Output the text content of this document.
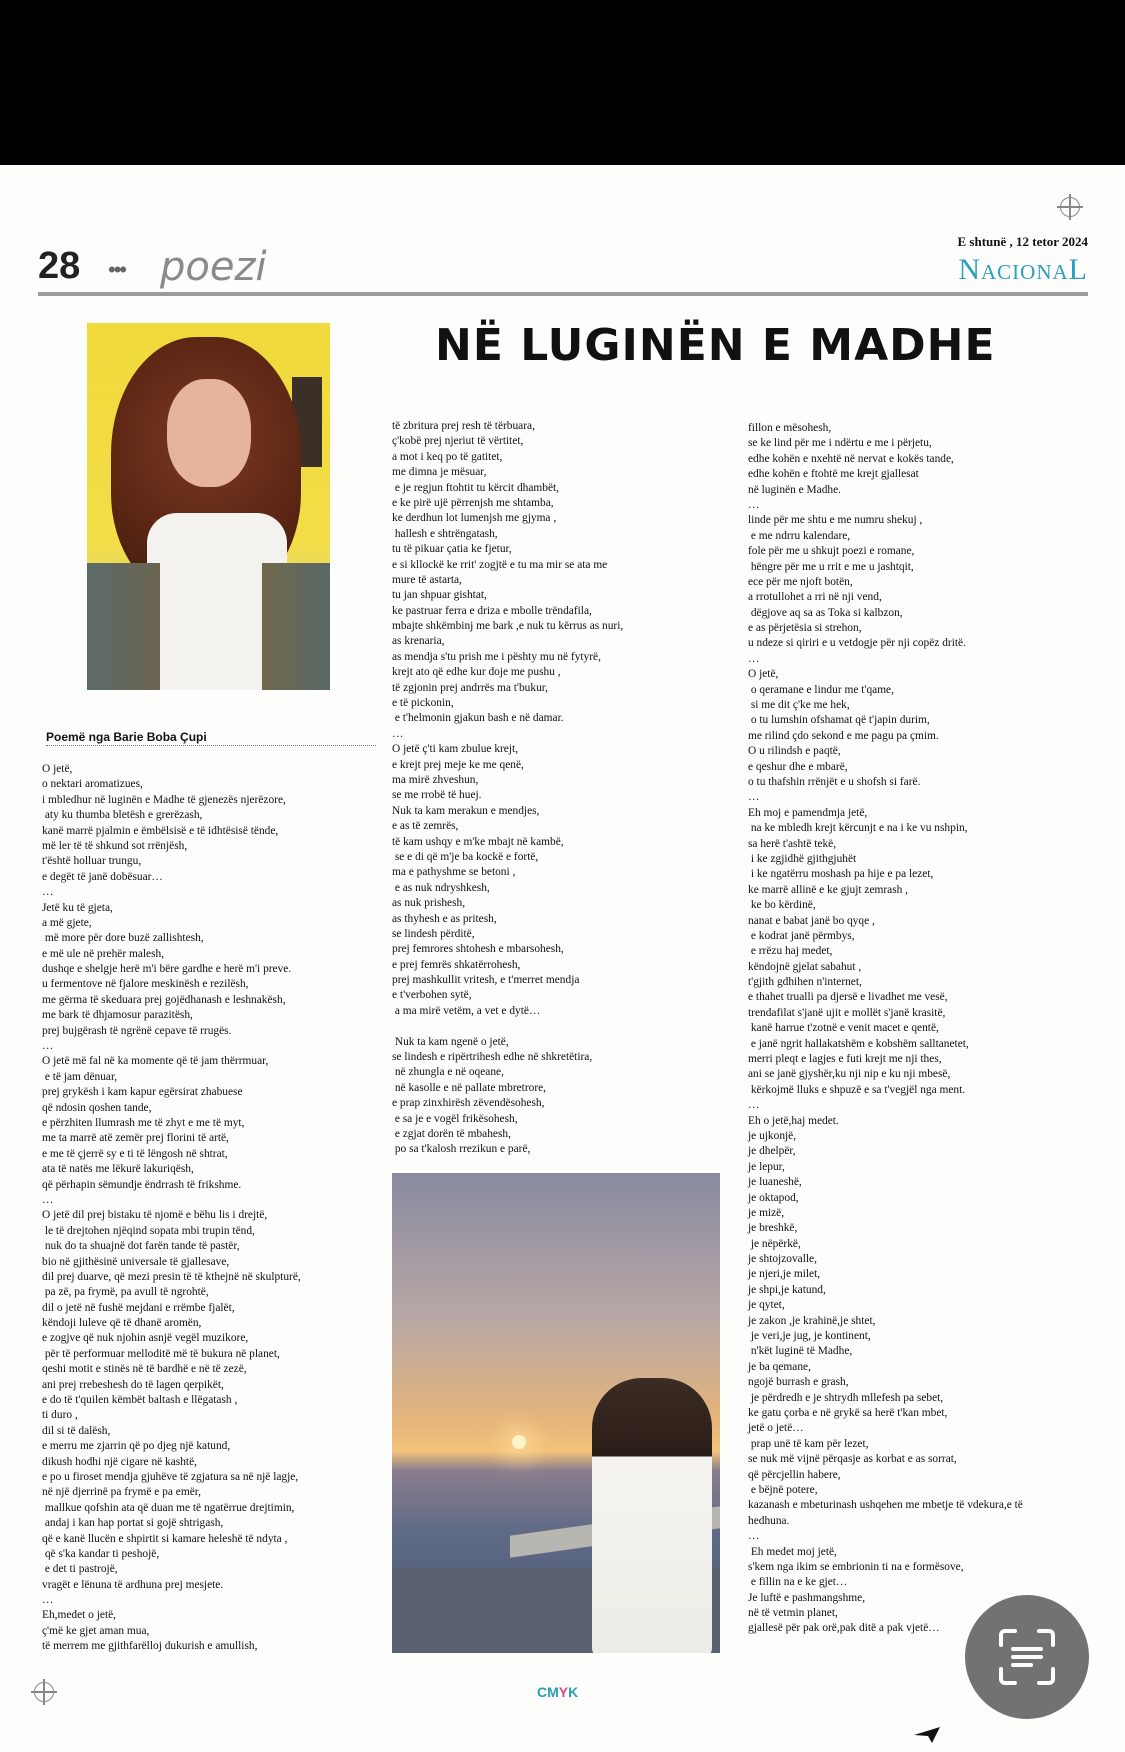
28 ••• poezi
E shtunë , 12 tetor 2024
NacionaL
NË LUGINËN E MADHE
Poemë nga Barie Boba Çupi
O jetë,
o nektari aromatizues,
i mbledhur në luginën e Madhe të gjenezës njerëzore,
aty ku thumba bletësh e grerëzash,
kanë marrë pjalmin e ëmbëlsisë e të idhtësisë tënde,
më ler të të shkund sot rrënjësh,
t'është holluar trungu,
e degët të janë dobësuar…
…
Jetë ku të gjeta,
a më gjete,
më more për dore buzë zallishtesh,
e më ule në prehër malesh,
dushqe e shelgje herë m'i bëre gardhe e herë m'i preve.
u fermentove në fjalore meskinësh e rezilësh,
me gërma të skeduara prej gojëdhanash e leshnakësh,
me bark të dhjamosur parazitësh,
prej bujgërash të ngrënë cepave të rrugës.
…
O jetë më fal në ka momente që të jam thërrmuar,
e të jam dënuar,
prej grykësh i kam kapur egërsirat zhabuese
që ndosin qoshen tande,
e përzhiten llumrash me të zhyt e me të myt,
me ta marrë atë zemër prej florini të artë,
e me të çjerrë sy e ti të lëngosh në shtrat,
ata të natës me lëkurë lakuriqësh,
që përhapin sëmundje ëndrrash të frikshme.
…
O jetë dil prej bistaku të njomë e bëhu lis i drejtë,
le të drejtohen njëqind sopata mbi trupin tënd,
nuk do ta shuajnë dot farën tande të pastër,
bio në gjithësinë universale të gjallesave,
dil prej duarve, që mezi presin të të kthejnë në skulpturë,
pa zë, pa frymë, pa avull të ngrohtë,
dil o jetë në fushë mejdani e rrëmbe fjalët,
këndoji luleve që të dhanë aromën,
e zogjve që nuk njohin asnjë vegël muzikore,
për të performuar melloditë më të bukura në planet,
qeshi motit e stinës në të bardhë e në të zezë,
ani prej rrebeshesh do të lagen qerpikët,
e do të t'quilen këmbët baltash e llëgatash ,
ti duro ,
dil si të dalësh,
e merru me zjarrin që po djeg një katund,
dikush hodhi një cigare në kashtë,
e po u firoset mendja gjuhëve të zgjatura sa në një lagje,
në një djerrinë pa frymë e pa emër,
mallkue qofshin ata që duan me të ngatërrue drejtimin,
andaj i kan hap portat si gojë shtrigash,
që e kanë llucën e shpirtit si kamare heleshë të ndyta ,
që s'ka kandar ti peshojë,
e det ti pastrojë,
vragët e lënuna të ardhuna prej mesjete.
…
Eh,medet o jetë,
ç'më ke gjet aman mua,
të merrem me gjithfarëlloj dukurish e amullish,
të zbritura prej resh të tërbuara,
ç'kobë prej njeriut të vërtitet,
a mot i keq po të gatitet,
me dimna je mësuar,
e je regjun ftohtit tu kërcit dhambët,
e ke pirë ujë përrenjsh me shtamba,
ke derdhun lot lumenjsh me gjyma ,
hallesh e shtrëngatash,
tu të pikuar çatia ke fjetur,
e si kllockë ke rrit' zogjtë e tu ma mir se ata me
mure të astarta,
tu jan shpuar gishtat,
ke pastruar ferra e driza e mbolle trëndafila,
mbajte shkëmbinj me bark ,e nuk tu kërrus as nuri,
as krenaria,
as mendja s'tu prish me i pështy mu në fytyrë,
krejt ato që edhe kur doje me pushu ,
të zgjonin prej andrrës ma t'bukur,
e të pickonin,
e t'helmonin gjakun bash e në damar.
…
O jetë ç'ti kam zbulue krejt,
e krejt prej meje ke me qenë,
ma mirë zhveshun,
se me rrobë të huej.
Nuk ta kam merakun e mendjes,
e as të zemrës,
të kam ushqy e m'ke mbajt në kambë,
se e di që m'je ba kockë e fortë,
ma e pathyshme se betoni ,
e as nuk ndryshkesh,
as nuk prishesh,
as thyhesh e as pritesh,
se lindesh përditë,
prej femrores shtohesh e mbarsohesh,
e prej femrës shkatërrohesh,
prej mashkullit vritesh, e t'merret mendja
e t'verbohen sytë,
a ma mirë vetëm, a vet e dytë…
Nuk ta kam ngenë o jetë,
se lindesh e ripërtrihesh edhe në shkretëtira,
në zhungla e në oqeane,
në kasolle e në pallate mbretrore,
e prap zinxhirësh zëvendësohesh,
e sa je e vogël frikësohesh,
e zgjat dorën të mbahesh,
po sa t'kalosh rrezikun e parë,
fillon e mësohesh,
se ke lind për me i ndërtu e me i përjetu,
edhe kohën e nxehtë në nervat e kokës tande,
edhe kohën e ftohtë me krejt gjallesat
në luginën e Madhe.
…
linde për me shtu e me numru shekuj ,
e me ndrru kalendare,
fole për me u shkujt poezi e romane,
hëngre për me u rrit e me u jashtqit,
ece për me njoft botën,
a rrotullohet a rri në nji vend,
dëgjove aq sa as Toka si kalbzon,
e as përjetësia si strehon,
u ndeze si qiriri e u vetdogje për nji copëz dritë.
…
O jetë,
o qeramane e lindur me t'qame,
si me dit ç'ke me hek,
o tu lumshin ofshamat që t'japin durim,
me rilind çdo sekond e me pagu pa çmim.
O u rilindsh e paqtë,
e qeshur dhe e mbarë,
o tu thafshin rrënjët e u shofsh si farë.
…
Eh moj e pamendmja jetë,
na ke mbledh krejt kërcunjt e na i ke vu nshpin,
sa herë t'ashtë tekë,
i ke zgjidhë gjithgjuhët
i ke ngatërru moshash pa hije e pa lezet,
ke marrë allinë e ke gjujt zemrash ,
ke bo kërdinë,
nanat e babat janë bo qyqe ,
e kodrat janë përmbys,
e rrëzu haj medet,
këndojnë gjelat sabahut ,
t'gjith gdhihen n'internet,
e thahet trualli pa djersë e livadhet me vesë,
trendafilat s'janë ujit e mollët s'janë krasitë,
kanë harruе t'zotnë e venit macet e qentë,
e janë ngrit hallakatshëm e kobshëm salltanetet,
merri pleqt e lagjes e futi krejt me nji thes,
ani se janë gjyshër,ku nji nip e ku nji mbesë,
kërkojmë lluks e shpuzë e sa t'vegjël nga ment.
…
Eh o jetë,haj medet.
je ujkonjë,
je dhelpër,
je lepur,
je luaneshë,
je oktapod,
je mizë,
je breshkë,
je nëpërkë,
je shtojzovalle,
je njeri,je milet,
je shpi,je katund,
je qytet,
je zakon ,je krahinë,je shtet,
je veri,je jug, je kontinent,
n'kët luginë të Madhe,
je ba qemane,
ngojë burrash e grash,
je përdredh e je shtrydh mllefesh pa sebet,
ke gatu çorba e në grykë sa herë t'kan mbet,
jetë o jetë…
prap unë të kam për lezet,
se nuk më vijnë përqasje as korbat e as sorrat,
që përcjellin habere,
e bëjnë potere,
kazanash e mbeturinash ushqehen me mbetje të vdekura,e të
hedhuna.
…
Eh medet moj jetë,
s'kem nga ikim se embrionin ti na e formësove,
e fillin na e ke gjet…
Je luftë e pashmangshme,
në të vetmin planet,
gjallesë për pak orë,pak ditë a pak vjetë…
CMYK
